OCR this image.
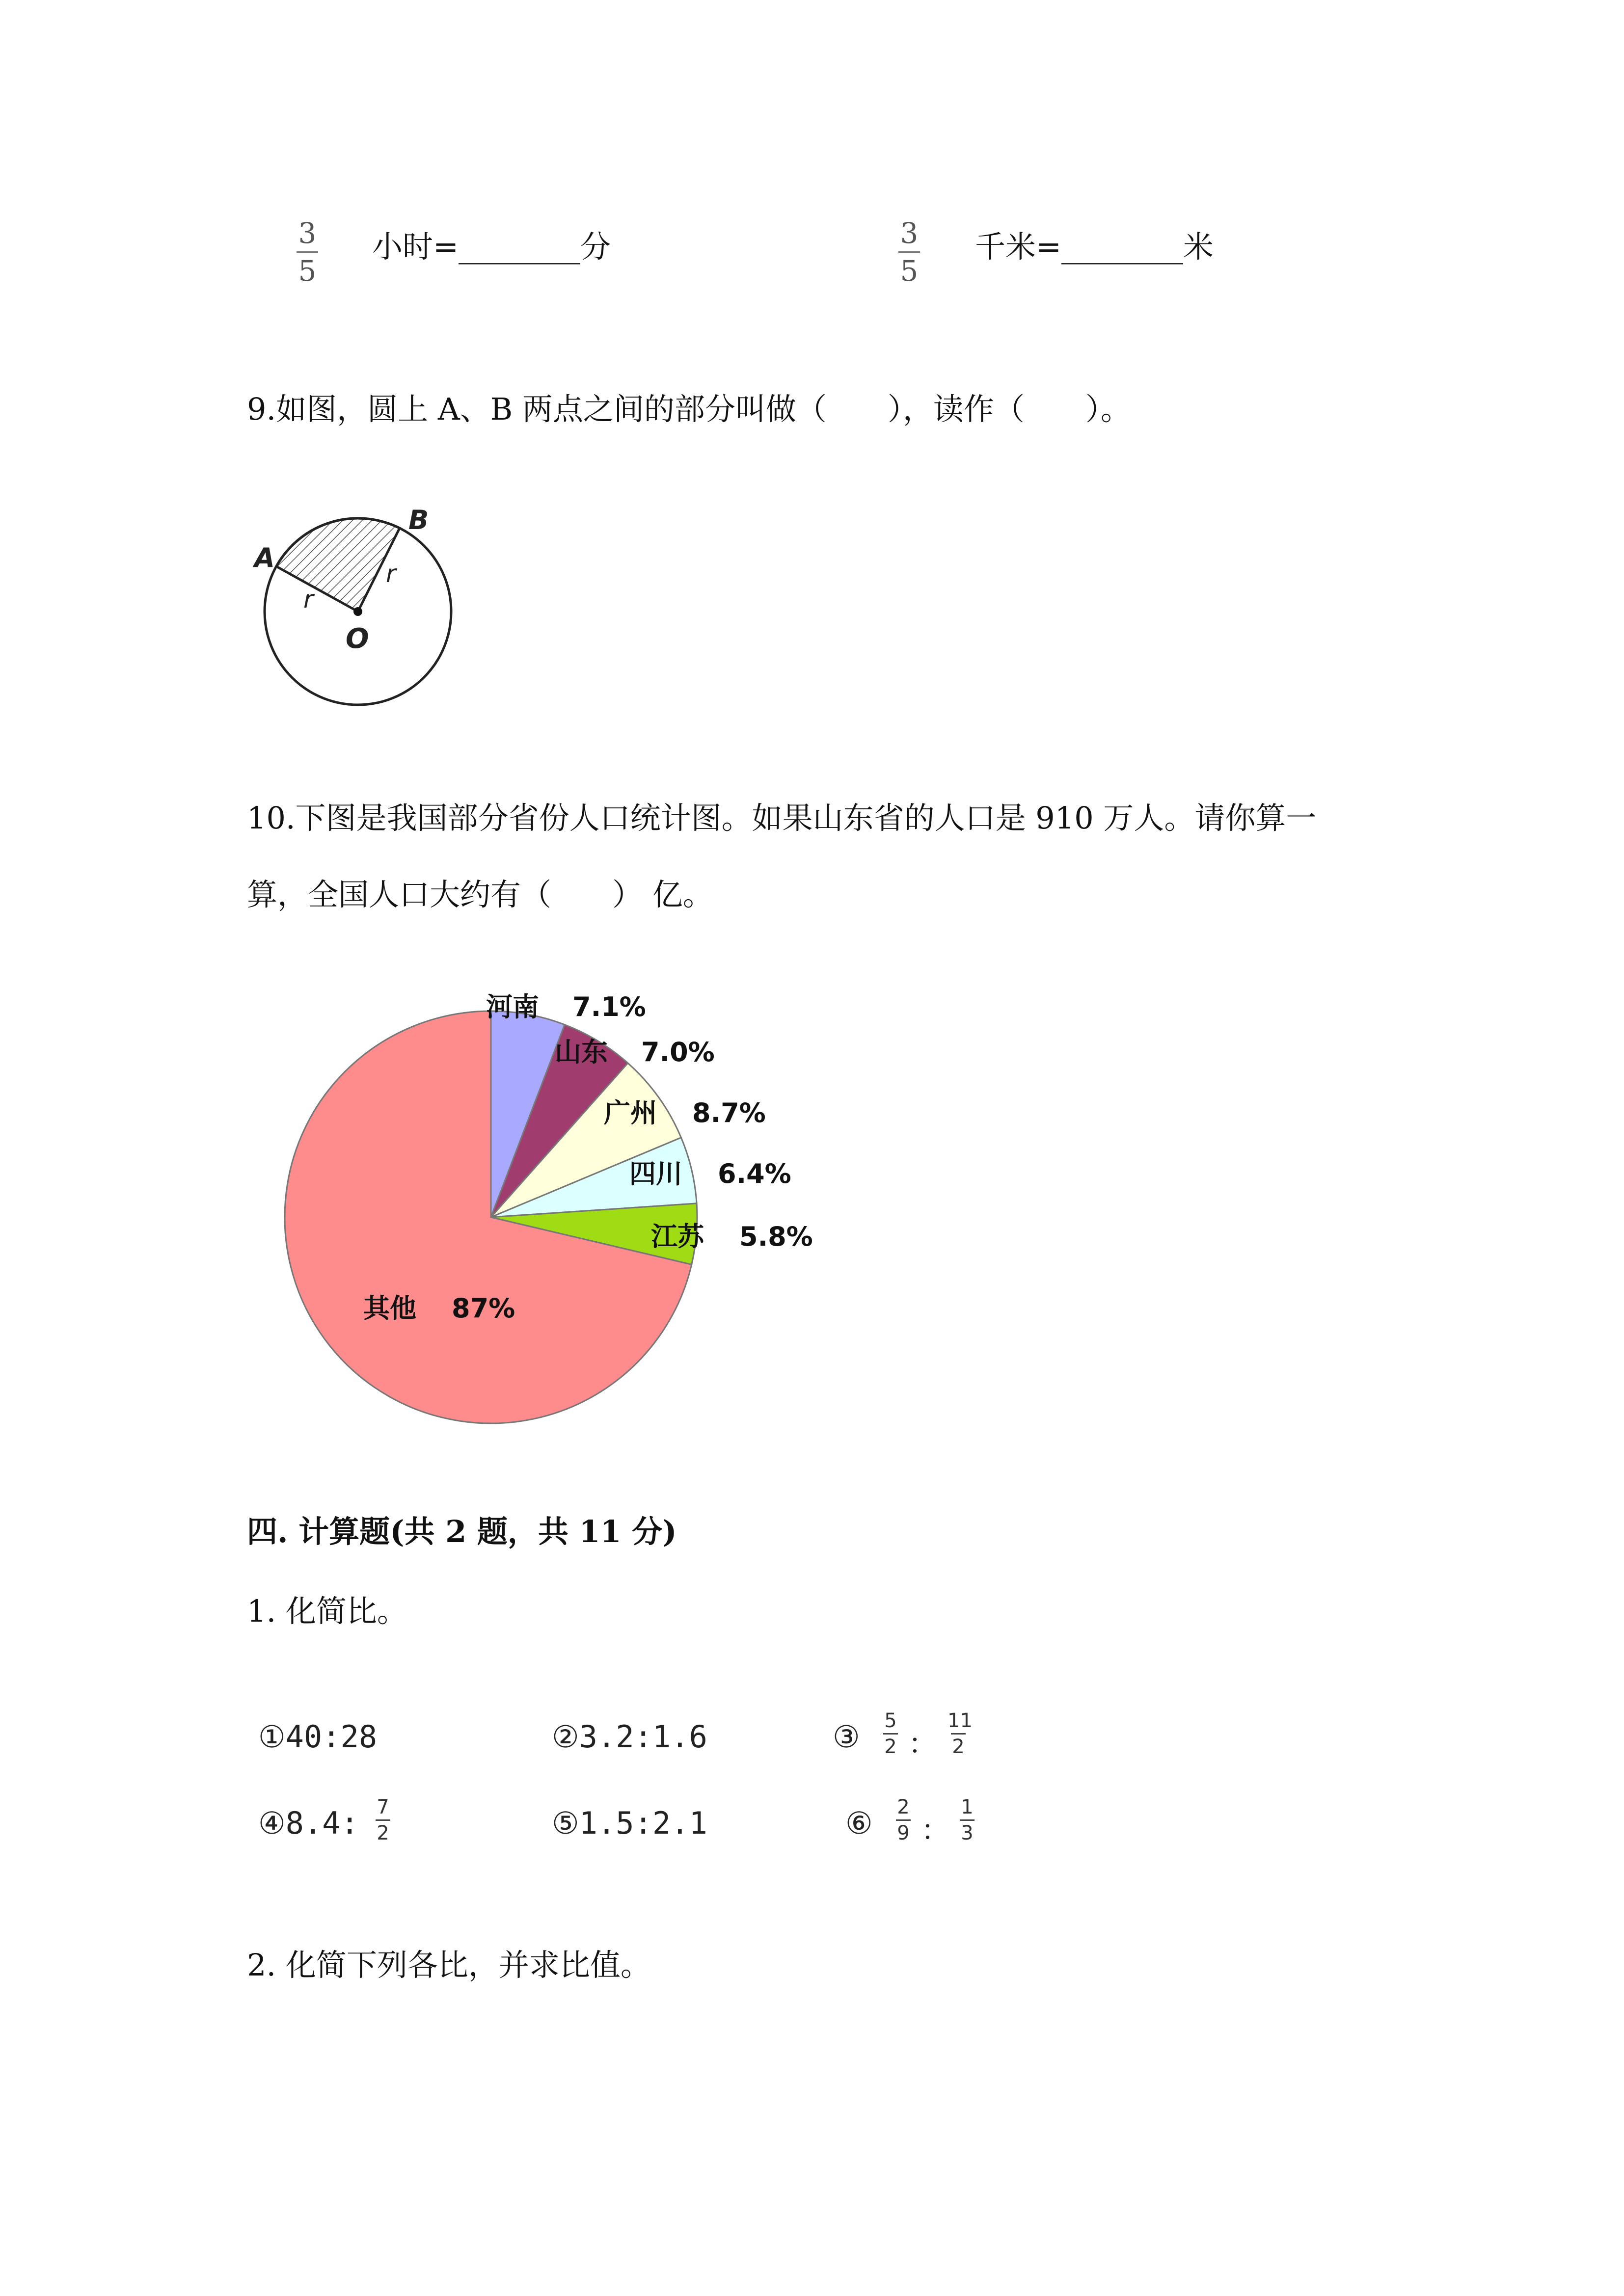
3
5
小时=________分	3
5
千米=________米
9.如图，圆上 A、B 两点之间的部分叫做（　　），读作（　　）。
A
B
O
r
r
10.下图是我国部分省份人口统计图。如果山东省的人口是 910 万人。请你算一
算，全国人口大约有（　　） 亿。
河南 7.1%
山东 7.0%
广州 8.7%
四川 6.4%
江苏 5.8%
其他 87%
四. 计算题(共 2 题，共 11 分)
1. 化简比。
①40:28	②3.2:1.6	③ 5
2 ：
11
2
④8.4: 7
2	⑤1.5:2.1	⑥ 2
9 ：
1
3
2. 化简下列各比，并求比值。
